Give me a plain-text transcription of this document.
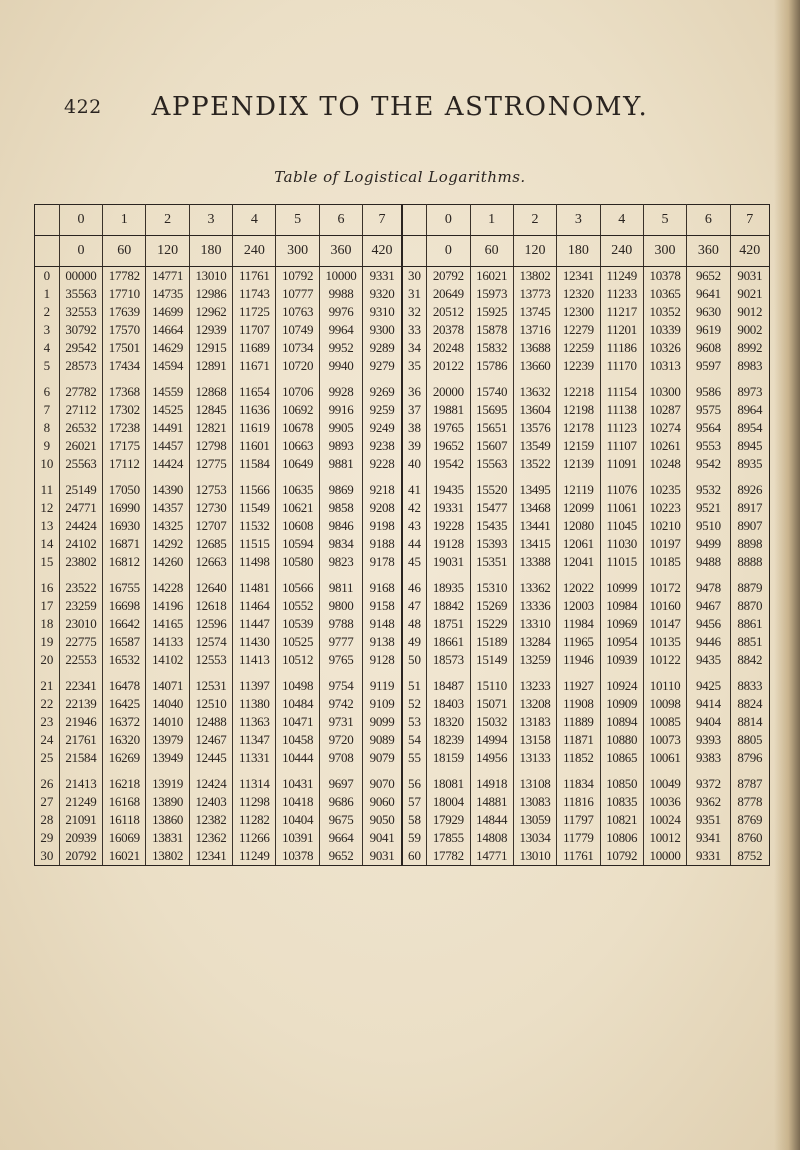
422	APPENDIX TO THE ASTRONOMY.
Table of Logistical Logarithms.
	0	1	2	3	4	5	6	7		0	1	2	3	4	5	6	7
	0	60	120	180	240	300	360	420		0	60	120	180	240	300	360	420
0	00000	17782	14771	13010	11761	10792	10000	9331	30	20792	16021	13802	12341	11249	10378	9652	9031
1	35563	17710	14735	12986	11743	10777	9988	9320	31	20649	15973	13773	12320	11233	10365	9641	9021
2	32553	17639	14699	12962	11725	10763	9976	9310	32	20512	15925	13745	12300	11217	10352	9630	9012
3	30792	17570	14664	12939	11707	10749	9964	9300	33	20378	15878	13716	12279	11201	10339	9619	9002
4	29542	17501	14629	12915	11689	10734	9952	9289	34	20248	15832	13688	12259	11186	10326	9608	8992
5	28573	17434	14594	12891	11671	10720	9940	9279	35	20122	15786	13660	12239	11170	10313	9597	8983

6	27782	17368	14559	12868	11654	10706	9928	9269	36	20000	15740	13632	12218	11154	10300	9586	8973
7	27112	17302	14525	12845	11636	10692	9916	9259	37	19881	15695	13604	12198	11138	10287	9575	8964
8	26532	17238	14491	12821	11619	10678	9905	9249	38	19765	15651	13576	12178	11123	10274	9564	8954
9	26021	17175	14457	12798	11601	10663	9893	9238	39	19652	15607	13549	12159	11107	10261	9553	8945
10	25563	17112	14424	12775	11584	10649	9881	9228	40	19542	15563	13522	12139	11091	10248	9542	8935

11	25149	17050	14390	12753	11566	10635	9869	9218	41	19435	15520	13495	12119	11076	10235	9532	8926
12	24771	16990	14357	12730	11549	10621	9858	9208	42	19331	15477	13468	12099	11061	10223	9521	8917
13	24424	16930	14325	12707	11532	10608	9846	9198	43	19228	15435	13441	12080	11045	10210	9510	8907
14	24102	16871	14292	12685	11515	10594	9834	9188	44	19128	15393	13415	12061	11030	10197	9499	8898
15	23802	16812	14260	12663	11498	10580	9823	9178	45	19031	15351	13388	12041	11015	10185	9488	8888

16	23522	16755	14228	12640	11481	10566	9811	9168	46	18935	15310	13362	12022	10999	10172	9478	8879
17	23259	16698	14196	12618	11464	10552	9800	9158	47	18842	15269	13336	12003	10984	10160	9467	8870
18	23010	16642	14165	12596	11447	10539	9788	9148	48	18751	15229	13310	11984	10969	10147	9456	8861
19	22775	16587	14133	12574	11430	10525	9777	9138	49	18661	15189	13284	11965	10954	10135	9446	8851
20	22553	16532	14102	12553	11413	10512	9765	9128	50	18573	15149	13259	11946	10939	10122	9435	8842

21	22341	16478	14071	12531	11397	10498	9754	9119	51	18487	15110	13233	11927	10924	10110	9425	8833
22	22139	16425	14040	12510	11380	10484	9742	9109	52	18403	15071	13208	11908	10909	10098	9414	8824
23	21946	16372	14010	12488	11363	10471	9731	9099	53	18320	15032	13183	11889	10894	10085	9404	8814
24	21761	16320	13979	12467	11347	10458	9720	9089	54	18239	14994	13158	11871	10880	10073	9393	8805
25	21584	16269	13949	12445	11331	10444	9708	9079	55	18159	14956	13133	11852	10865	10061	9383	8796

26	21413	16218	13919	12424	11314	10431	9697	9070	56	18081	14918	13108	11834	10850	10049	9372	8787
27	21249	16168	13890	12403	11298	10418	9686	9060	57	18004	14881	13083	11816	10835	10036	9362	8778
28	21091	16118	13860	12382	11282	10404	9675	9050	58	17929	14844	13059	11797	10821	10024	9351	8769
29	20939	16069	13831	12362	11266	10391	9664	9041	59	17855	14808	13034	11779	10806	10012	9341	8760
30	20792	16021	13802	12341	11249	10378	9652	9031	60	17782	14771	13010	11761	10792	10000	9331	8752
